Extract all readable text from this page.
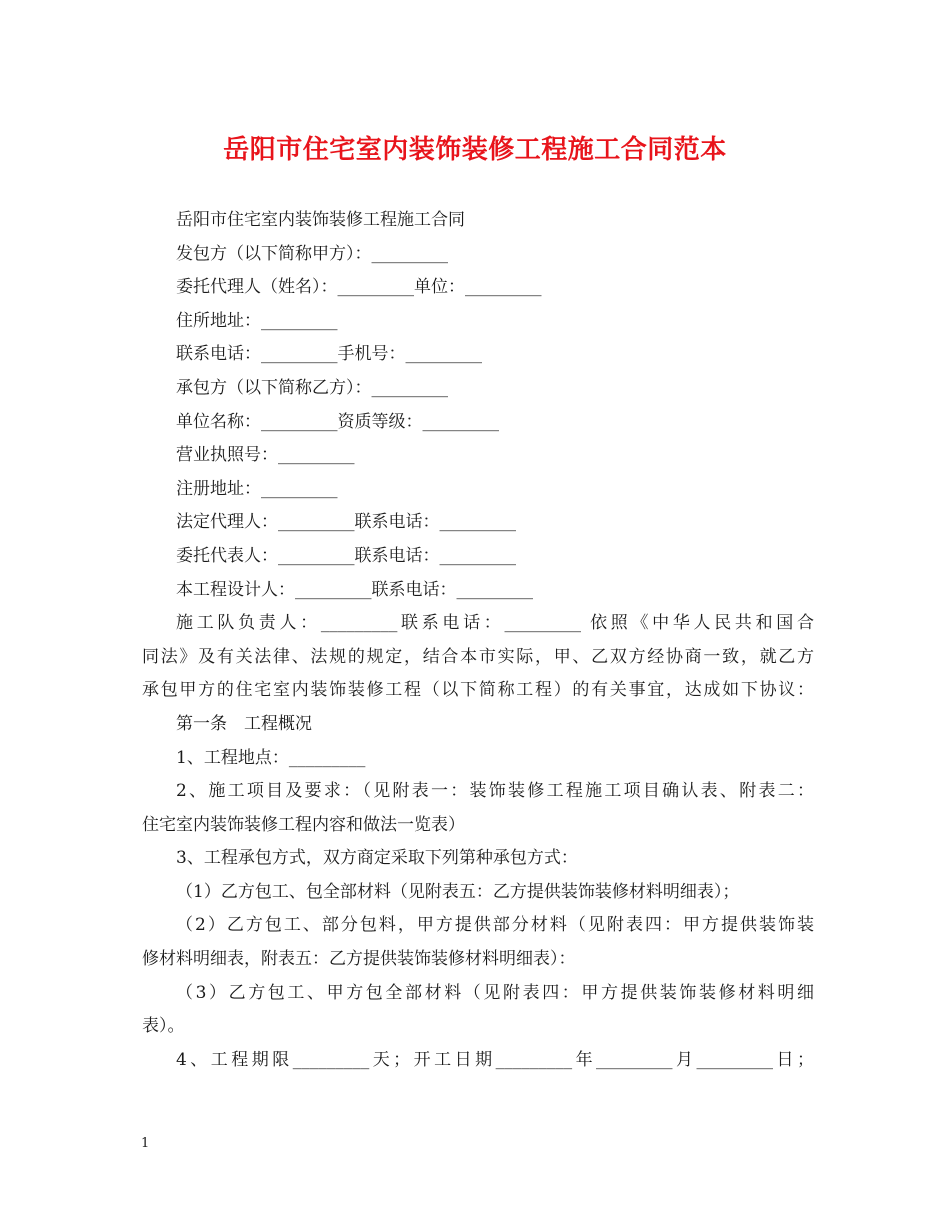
岳阳市住宅室内装饰装修工程施工合同范本
岳阳市住宅室内装饰装修工程施工合同
发包方（以下简称甲方）：_________
委托代理人（姓名）：_________单位：_________
住所地址：_________
联系电话：_________手机号：_________
承包方（以下简称乙方）：_________
单位名称：_________资质等级：_________
营业执照号：_________
注册地址：_________
法定代理人：_________联系电话：_________
委托代表人：_________联系电话：_________
本工程设计人：_________联系电话：_________
施工队负责人：_________联系电话：_________ 依照《中华人民共和国合
同法》及有关法律、法规的规定，结合本市实际，甲、乙双方经协商一致，就乙方
承包甲方的住宅室内装饰装修工程（以下简称工程）的有关事宜，达成如下协议：
第一条　工程概况
1、工程地点：_________
2、施工项目及要求：（见附表一：装饰装修工程施工项目确认表、附表二：
住宅室内装饰装修工程内容和做法一览表）
3、工程承包方式，双方商定采取下列第种承包方式：
（1）乙方包工、包全部材料（见附表五：乙方提供装饰装修材料明细表）；
（2）乙方包工、部分包料，甲方提供部分材料（见附表四：甲方提供装饰装
修材料明细表，附表五：乙方提供装饰装修材料明细表）：
（3）乙方包工、甲方包全部材料（见附表四：甲方提供装饰装修材料明细
表）。
4、工程期限_________天；开工日期_________年_________月_________日；
1
